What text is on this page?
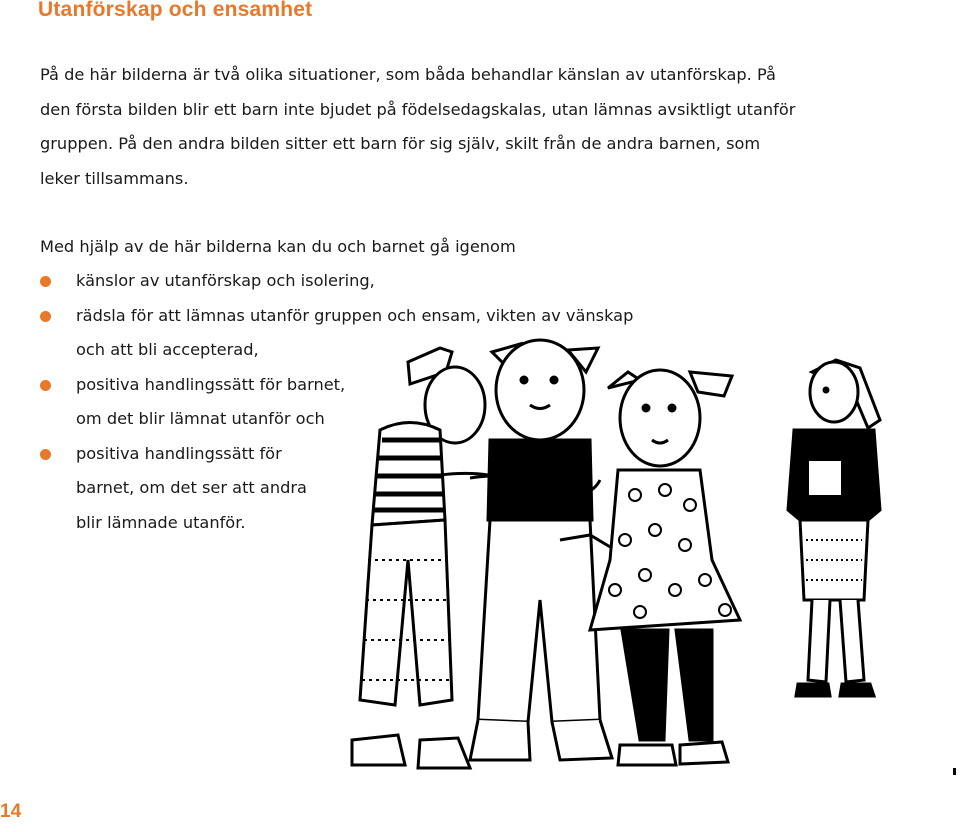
Utanförskap och ensamhet

På de här bilderna är två olika situationer, som båda behandlar känslan av utanförskap. På
den första bilden blir ett barn inte bjudet på födelsedagskalas, utan lämnas avsiktligt utanför
gruppen. På den andra bilden sitter ett barn för sig själv, skilt från de andra barnen, som
leker tillsammans.

Med hjälp av de här bilderna kan du och barnet gå igenom

känslor av utanförskap och isolering,
rädsla för att lämnas utanför gruppen och ensam, vikten av vänskap
och att bli accepterad,
positiva handlingssätt för barnet,
om det blir lämnat utanför och
positiva handlingssätt för
barnet, om det ser att andra
blir lämnade utanför.
14
